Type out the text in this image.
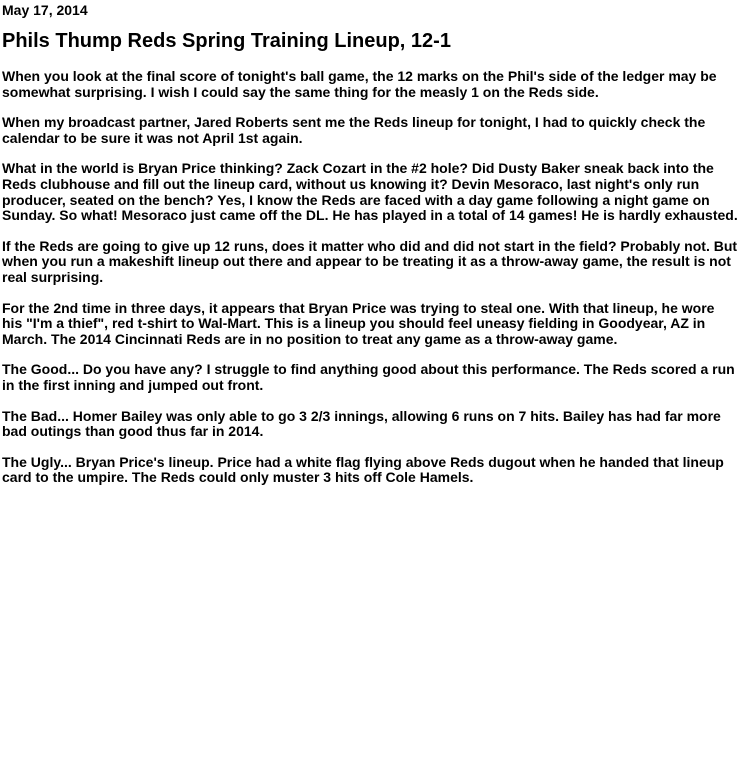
May 17, 2014

Phils Thump Reds Spring Training Lineup, 12-1

When you look at the final score of tonight's ball game, the 12 marks on the Phil's side of the ledger may be somewhat surprising. I wish I could say the same thing for the measly 1 on the Reds side.

When my broadcast partner, Jared Roberts sent me the Reds lineup for tonight, I had to quickly check the calendar to be sure it was not April 1st again.

What in the world is Bryan Price thinking? Zack Cozart in the #2 hole? Did Dusty Baker sneak back into the Reds clubhouse and fill out the lineup card, without us knowing it? Devin Mesoraco, last night's only run producer, seated on the bench? Yes, I know the Reds are faced with a day game following a night game on Sunday. So what! Mesoraco just came off the DL. He has played in a total of 14 games! He is hardly exhausted.

If the Reds are going to give up 12 runs, does it matter who did and did not start in the field? Probably not. But when you run a makeshift lineup out there and appear to be treating it as a throw-away game, the result is not real surprising.

For the 2nd time in three days, it appears that Bryan Price was trying to steal one. With that lineup, he wore his "I'm a thief", red t-shirt to Wal-Mart. This is a lineup you should feel uneasy fielding in Goodyear, AZ in March. The 2014 Cincinnati Reds are in no position to treat any game as a throw-away game.

The Good... Do you have any? I struggle to find anything good about this performance. The Reds scored a run in the first inning and jumped out front.

The Bad... Homer Bailey was only able to go 3 2/3 innings, allowing 6 runs on 7 hits. Bailey has had far more bad outings than good thus far in 2014.

The Ugly... Bryan Price's lineup. Price had a white flag flying above Reds dugout when he handed that lineup card to the umpire. The Reds could only muster 3 hits off Cole Hamels.
